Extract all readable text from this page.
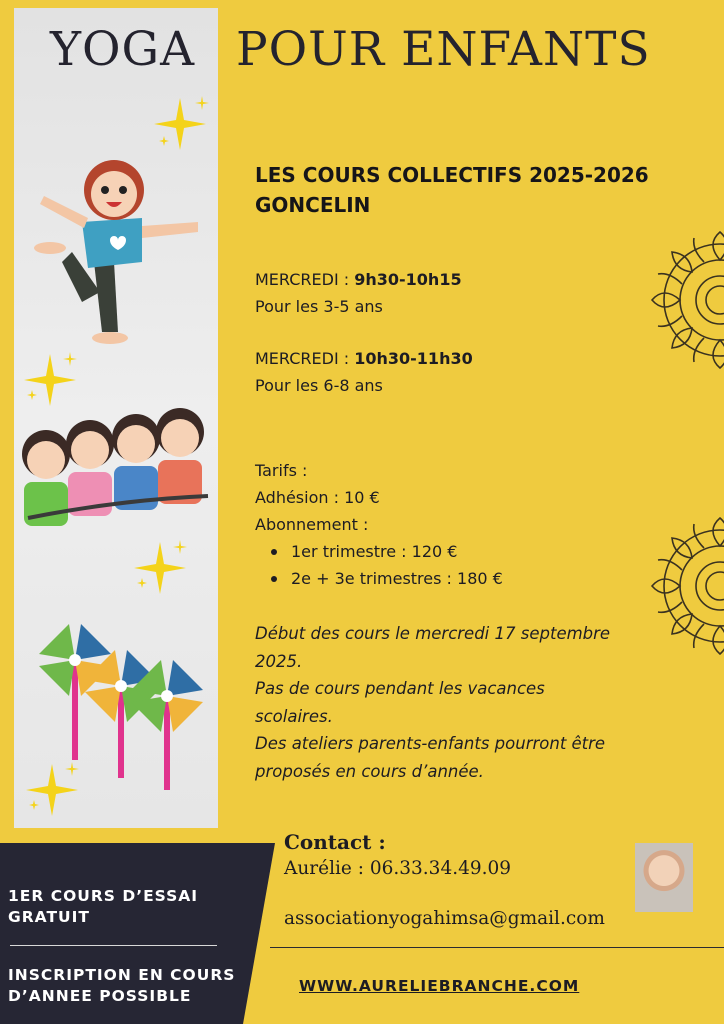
YOGA POUR ENFANTS
LES COURS COLLECTIFS 2025-2026
GONCELIN
MERCREDI : 9h30-10h15
Pour les 3-5 ans
MERCREDI : 10h30-11h30
Pour les 6-8 ans
Tarifs :
Adhésion : 10 €
Abonnement :
1er trimestre : 120 €
2e + 3e trimestres : 180 €
Début des cours le mercredi 17 septembre
2025.
Pas de cours pendant les vacances
scolaires.
Des ateliers parents-enfants pourront être
proposés en cours d’année.
1ER COURS D’ESSAI
GRATUIT
INSCRIPTION EN COURS
D’ANNEE POSSIBLE
Contact :
Aurélie : 06.33.34.49.09
associationyogahimsa@gmail.com
WWW.AURELIEBRANCHE.COM
